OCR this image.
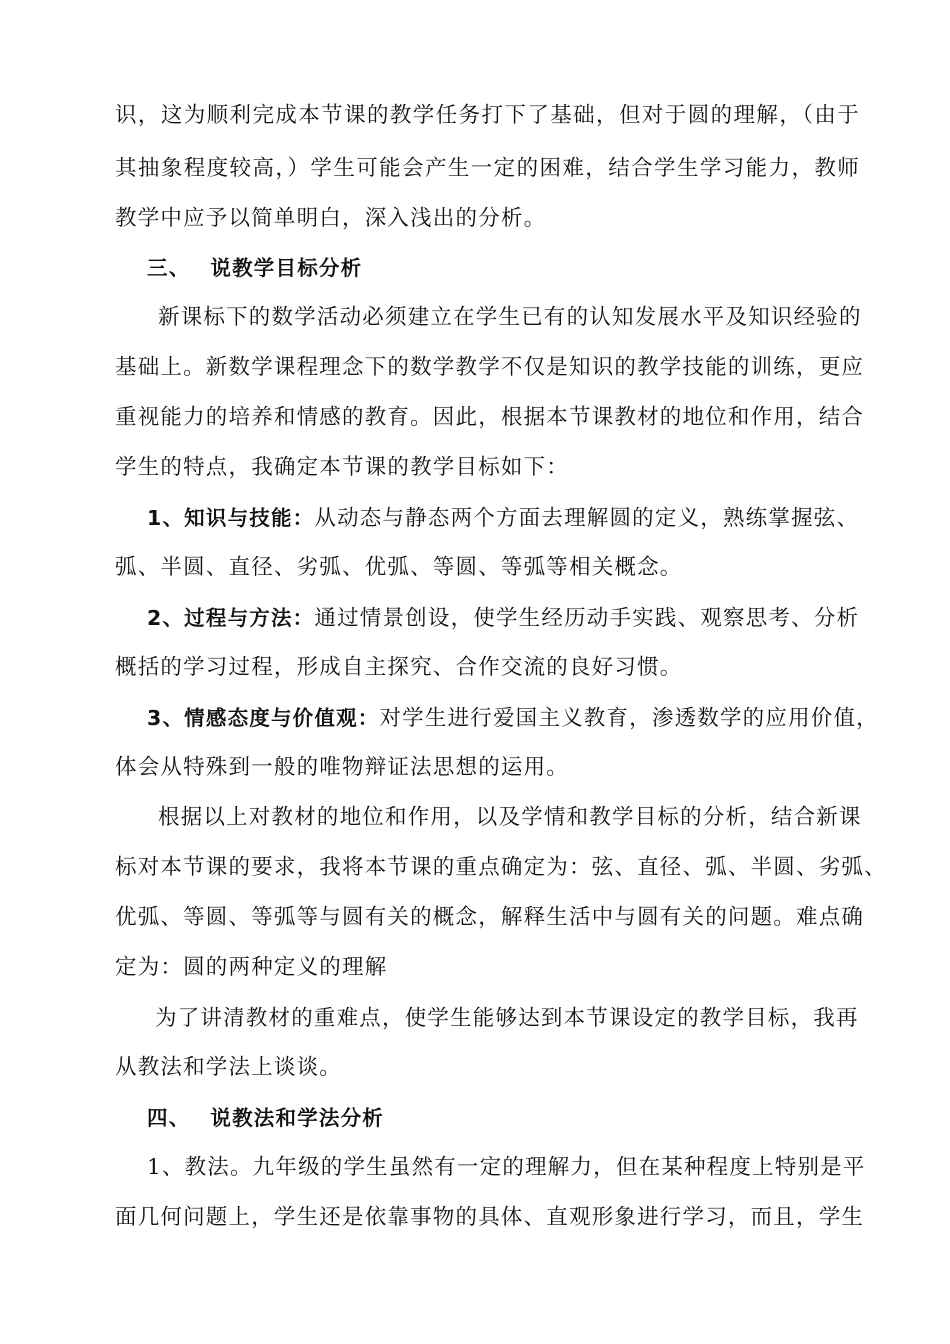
识，这为顺利完成本节课的教学任务打下了基础，但对于圆的理解，（由于
其抽象程度较高，）学生可能会产生一定的困难，结合学生学习能力，教师
教学中应予以简单明白，深入浅出的分析。
三、 说教学目标分析
新课标下的数学活动必须建立在学生已有的认知发展水平及知识经验的
基础上。新数学课程理念下的数学教学不仅是知识的教学技能的训练，更应
重视能力的培养和情感的教育。因此，根据本节课教材的地位和作用，结合
学生的特点，我确定本节课的教学目标如下：
1、知识与技能：从动态与静态两个方面去理解圆的定义，熟练掌握弦、
弧、半圆、直径、劣弧、优弧、等圆、等弧等相关概念。
2、过程与方法：通过情景创设，使学生经历动手实践、观察思考、分析
概括的学习过程，形成自主探究、合作交流的良好习惯。
3、情感态度与价值观：对学生进行爱国主义教育，渗透数学的应用价值，
体会从特殊到一般的唯物辩证法思想的运用。
根据以上对教材的地位和作用，以及学情和教学目标的分析，结合新课
标对本节课的要求，我将本节课的重点确定为：弦、直径、弧、半圆、劣弧、
优弧、等圆、等弧等与圆有关的概念，解释生活中与圆有关的问题。难点确
定为：圆的两种定义的理解
为了讲清教材的重难点，使学生能够达到本节课设定的教学目标，我再
从教法和学法上谈谈。
四、 说教法和学法分析
1、教法。九年级的学生虽然有一定的理解力，但在某种程度上特别是平
面几何问题上，学生还是依靠事物的具体、直观形象进行学习，而且，学生
